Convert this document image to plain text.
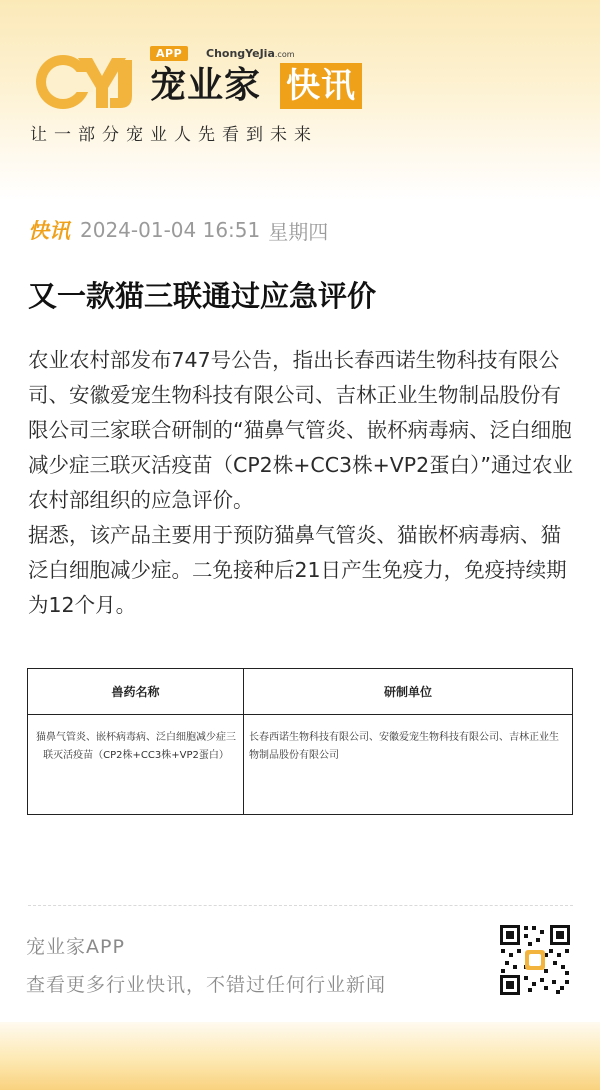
APP	ChongYeJia.com
宠业家 快讯
让一部分宠业人先看到未来
快讯 2024-01-04 16:51 星期四
又一款猫三联通过应急评价

农业农村部发布747号公告，指出长春西诺生物科技有限公司、安徽爱宠生物科技有限公司、吉林正业生物制品股份有限公司三家联合研制的“猫鼻气管炎、嵌杯病毒病、泛白细胞减少症三联灭活疫苗（CP2株+CC3株+VP2蛋白）”通过农业农村部组织的应急评价。

据悉，该产品主要用于预防猫鼻气管炎、猫嵌杯病毒病、猫泛白细胞减少症。二免接种后21日产生免疫力，免疫持续期为12个月。

兽药名称	研制单位
猫鼻气管炎、嵌杯病毒病、泛白细胞减少症三联灭活疫苗（CP2株+CC3株+VP2蛋白）	长春西诺生物科技有限公司、安徽爱宠生物科技有限公司、吉林正业生物制品股份有限公司
宠业家APP
查看更多行业快讯，不错过任何行业新闻
